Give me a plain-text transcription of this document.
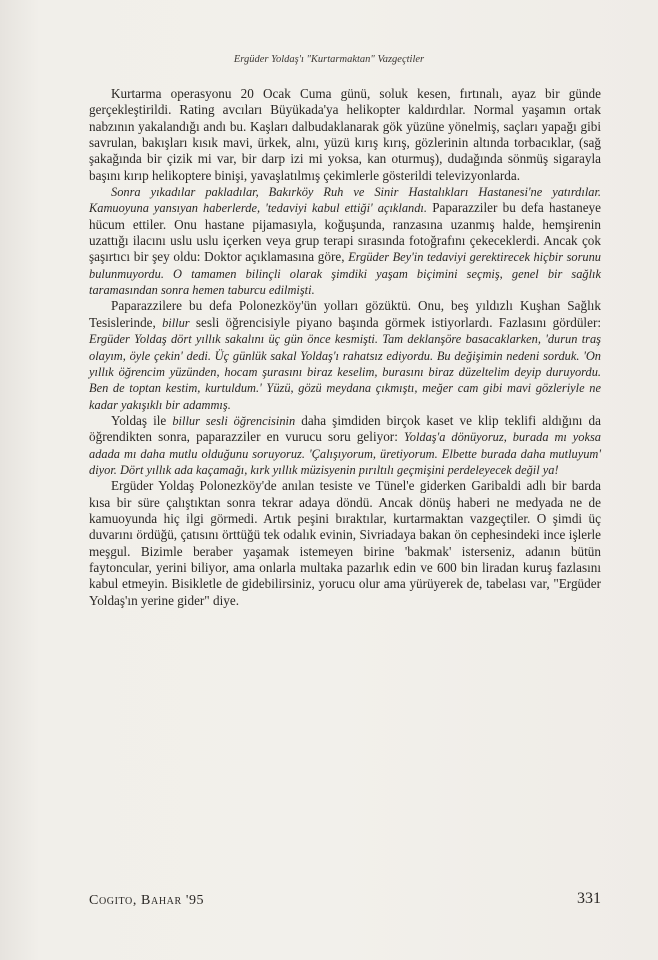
Ergüder Yoldaş'ı "Kurtarmaktan" Vazgeçtiler

Kurtarma operasyonu 20 Ocak Cuma günü, soluk kesen, fırtınalı, ayaz bir günde gerçekleştirildi. Rating avcıları Büyükada'ya helikopter kaldırdılar. Normal yaşamın ortak nabzının yakalandığı andı bu. Kaşları dalbudaklanarak gök yüzüne yönelmiş, saçları yapağı gibi savrulan, bakışları kısık mavi, ürkek, alnı, yüzü kırış kırış, gözlerinin altında torbacıklar, (sağ şakağında bir çizik mi var, bir darp izi mi yoksa, kan oturmuş), dudağında sönmüş sigarayla başını kırıp helikoptere binişi, yavaşlatılmış çekimlerle gösterildi televizyonlarda.

Sonra yıkadılar pakladılar, Bakırköy Ruh ve Sinir Hastalıkları Hastanesi'ne yatırdılar. Kamuoyuna yansıyan haberlerde, 'tedaviyi kabul ettiği' açıklandı. Paparazziler bu defa hastaneye hücum ettiler. Onu hastane pijamasıyla, koğuşunda, ranzasına uzanmış halde, hemşirenin uzattığı ilacını uslu uslu içerken veya grup terapi sırasında fotoğrafını çekeceklerdi. Ancak çok şaşırtıcı bir şey oldu: Doktor açıklamasına göre, Ergüder Bey'in tedaviyi gerektirecek hiçbir sorunu bulunmuyordu. O tamamen bilinçli olarak şimdiki yaşam biçimini seçmiş, genel bir sağlık taramasından sonra hemen taburcu edilmişti.

Paparazzilere bu defa Polonezköy'ün yolları gözüktü. Onu, beş yıldızlı Kuşhan Sağlık Tesislerinde, billur sesli öğrencisiyle piyano başında görmek istiyorlardı. Fazlasını gördüler: Ergüder Yoldaş dört yıllık sakalını üç gün önce kesmişti. Tam deklanşöre basacaklarken, 'durun traş olayım, öyle çekin' dedi. Üç günlük sakal Yoldaş'ı rahatsız ediyordu. Bu değişimin nedeni sorduk. 'On yıllık öğrencim yüzünden, hocam şurasını biraz keselim, burasını biraz düzeltelim deyip duruyordu. Ben de toptan kestim, kurtuldum.' Yüzü, gözü meydana çıkmıştı, meğer cam gibi mavi gözleriyle ne kadar yakışıklı bir adammış.

Yoldaş ile billur sesli öğrencisinin daha şimdiden birçok kaset ve klip teklifi aldığını da öğrendikten sonra, paparazziler en vurucu soru geliyor: Yoldaş'a dönüyoruz, burada mı yoksa adada mı daha mutlu olduğunu soruyoruz. 'Çalışıyorum, üretiyorum. Elbette burada daha mutluyum' diyor. Dört yıllık ada kaçamağı, kırk yıllık müzisyenin pırıltılı geçmişini perdeleyecek değil ya!

Ergüder Yoldaş Polonezköy'de anılan tesiste ve Tünel'e giderken Garibaldi adlı bir barda kısa bir süre çalıştıktan sonra tekrar adaya döndü. Ancak dönüş haberi ne medyada ne de kamuoyunda hiç ilgi görmedi. Artık peşini bıraktılar, kurtarmaktan vazgeçtiler. O şimdi üç duvarını ördüğü, çatısını örttüğü tek odalık evinin, Sivriadaya bakan ön cephesindeki ince işlerle meşgul. Bizimle beraber yaşamak istemeyen birine 'bakmak' isterseniz, adanın bütün faytoncular, yerini biliyor, ama onlarla multaka pazarlık edin ve 600 bin liradan kuruş fazlasını kabul etmeyin. Bisikletle de gidebilirsiniz, yorucu olur ama yürüyerek de, tabelası var, "Ergüder Yoldaş'ın yerine gider" diye.

Cogito, Bahar '95	331
